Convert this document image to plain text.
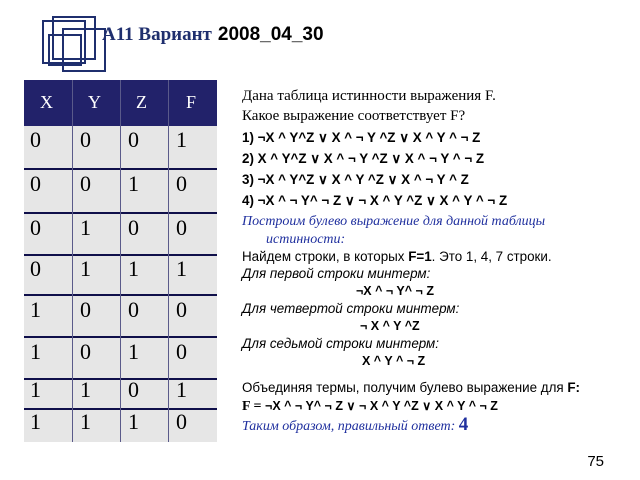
А11 Вариант 2008_04_30
X Y Z F
0 0 0 1
0 0 1 0
0 1 0 0
0 1 1 1
1 0 0 0
1 0 1 0
1 1 0 1
1 1 1 0
Дана таблица истинности выражения F.
Какое выражение соответствует F?
1) ¬X ^ Y^Z ∨ X ^ ¬ Y ^Z ∨ X ^ Y ^ ¬ Z
2) X ^ Y^Z ∨ X ^ ¬ Y ^Z ∨ X ^ ¬ Y ^ ¬ Z
3) ¬X ^ Y^Z ∨ X ^ Y ^Z ∨ X ^ ¬ Y ^ Z
4) ¬X ^ ¬ Y^ ¬ Z ∨ ¬ X ^ Y ^Z ∨ X ^ Y ^ ¬ Z
Построим булево выражение для данной таблицы
истинности:
Найдем строки, в которых F=1. Это 1, 4, 7 строки.
Для первой строки минтерм:
¬X ^ ¬ Y^ ¬ Z
Для четвертой строки минтерм:
¬ X ^ Y ^Z
Для седьмой строки минтерм:
X ^ Y ^ ¬ Z
Объединяя термы, получим булево выражение для F:
F = ¬X ^ ¬ Y^ ¬ Z ∨ ¬ X ^ Y ^Z ∨ X ^ Y ^ ¬ Z
Таким образом, правильный ответ: 4
75
